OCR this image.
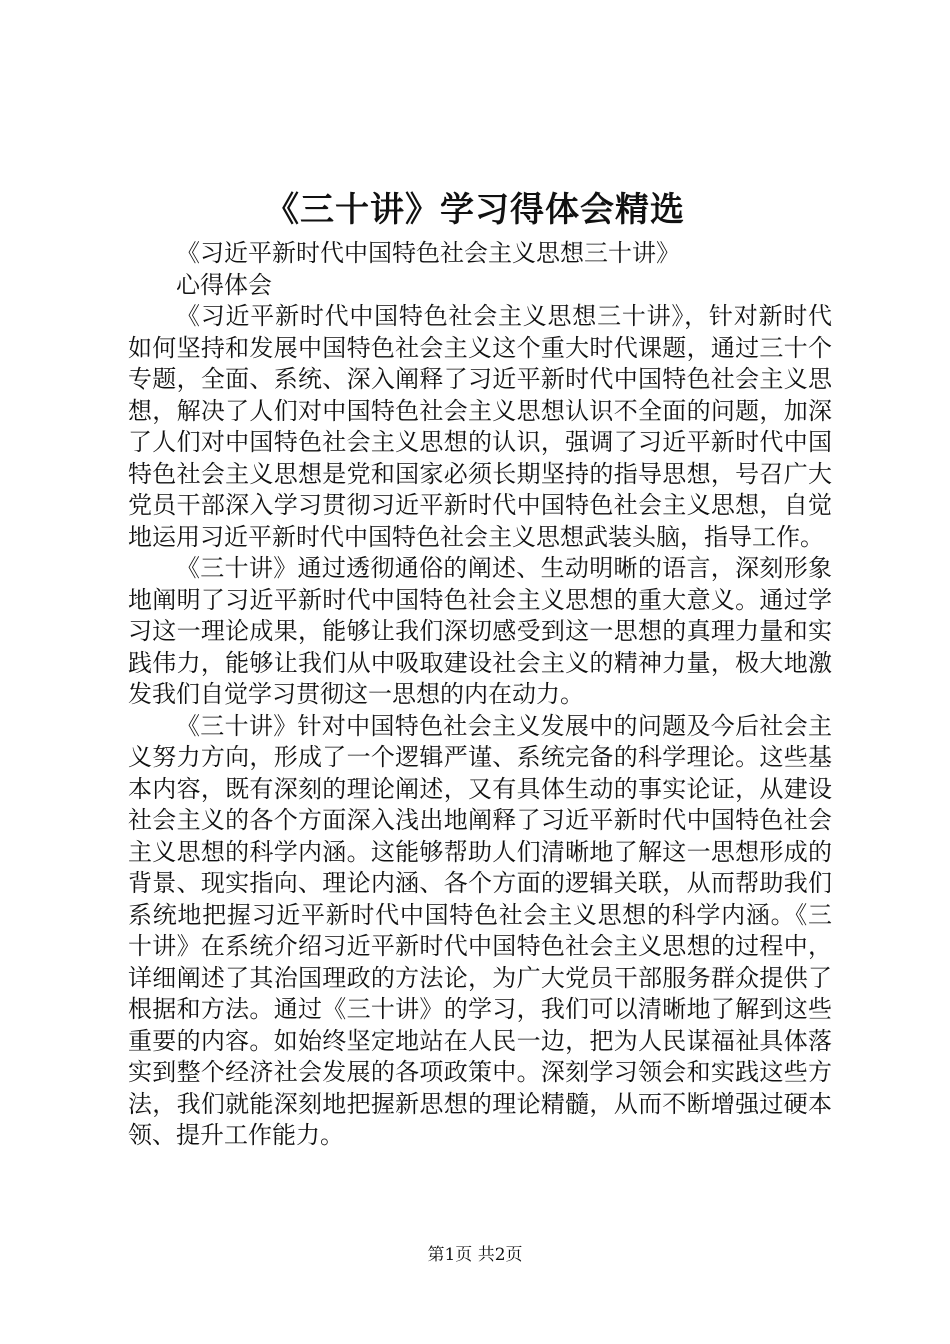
《三十讲》学习得体会精选

《习近平新时代中国特色社会主义思想三十讲》

心得体会

《习近平新时代中国特色社会主义思想三十讲》，针对新时代如何坚持和发展中国特色社会主义这个重大时代课题，通过三十个专题，全面、系统、深入阐释了习近平新时代中国特色社会主义思想，解决了人们对中国特色社会主义思想认识不全面的问题，加深了人们对中国特色社会主义思想的认识，强调了习近平新时代中国特色社会主义思想是党和国家必须长期坚持的指导思想，号召广大党员干部深入学习贯彻习近平新时代中国特色社会主义思想，自觉地运用习近平新时代中国特色社会主义思想武装头脑，指导工作。

《三十讲》通过透彻通俗的阐述、生动明晰的语言，深刻形象地阐明了习近平新时代中国特色社会主义思想的重大意义。通过学习这一理论成果，能够让我们深切感受到这一思想的真理力量和实践伟力，能够让我们从中吸取建设社会主义的精神力量，极大地激发我们自觉学习贯彻这一思想的内在动力。

《三十讲》针对中国特色社会主义发展中的问题及今后社会主义努力方向，形成了一个逻辑严谨、系统完备的科学理论。这些基本内容，既有深刻的理论阐述，又有具体生动的事实论证，从建设社会主义的各个方面深入浅出地阐释了习近平新时代中国特色社会主义思想的科学内涵。这能够帮助人们清晰地了解这一思想形成的背景、现实指向、理论内涵、各个方面的逻辑关联，从而帮助我们系统地把握习近平新时代中国特色社会主义思想的科学内涵。《三十讲》在系统介绍习近平新时代中国特色社会主义思想的过程中，详细阐述了其治国理政的方法论，为广大党员干部服务群众提供了根据和方法。通过《三十讲》的学习，我们可以清晰地了解到这些重要的内容。如始终坚定地站在人民一边，把为人民谋福祉具体落实到整个经济社会发展的各项政策中。深刻学习领会和实践这些方法，我们就能深刻地把握新思想的理论精髓，从而不断增强过硬本领、提升工作能力。

第1页 共2页
